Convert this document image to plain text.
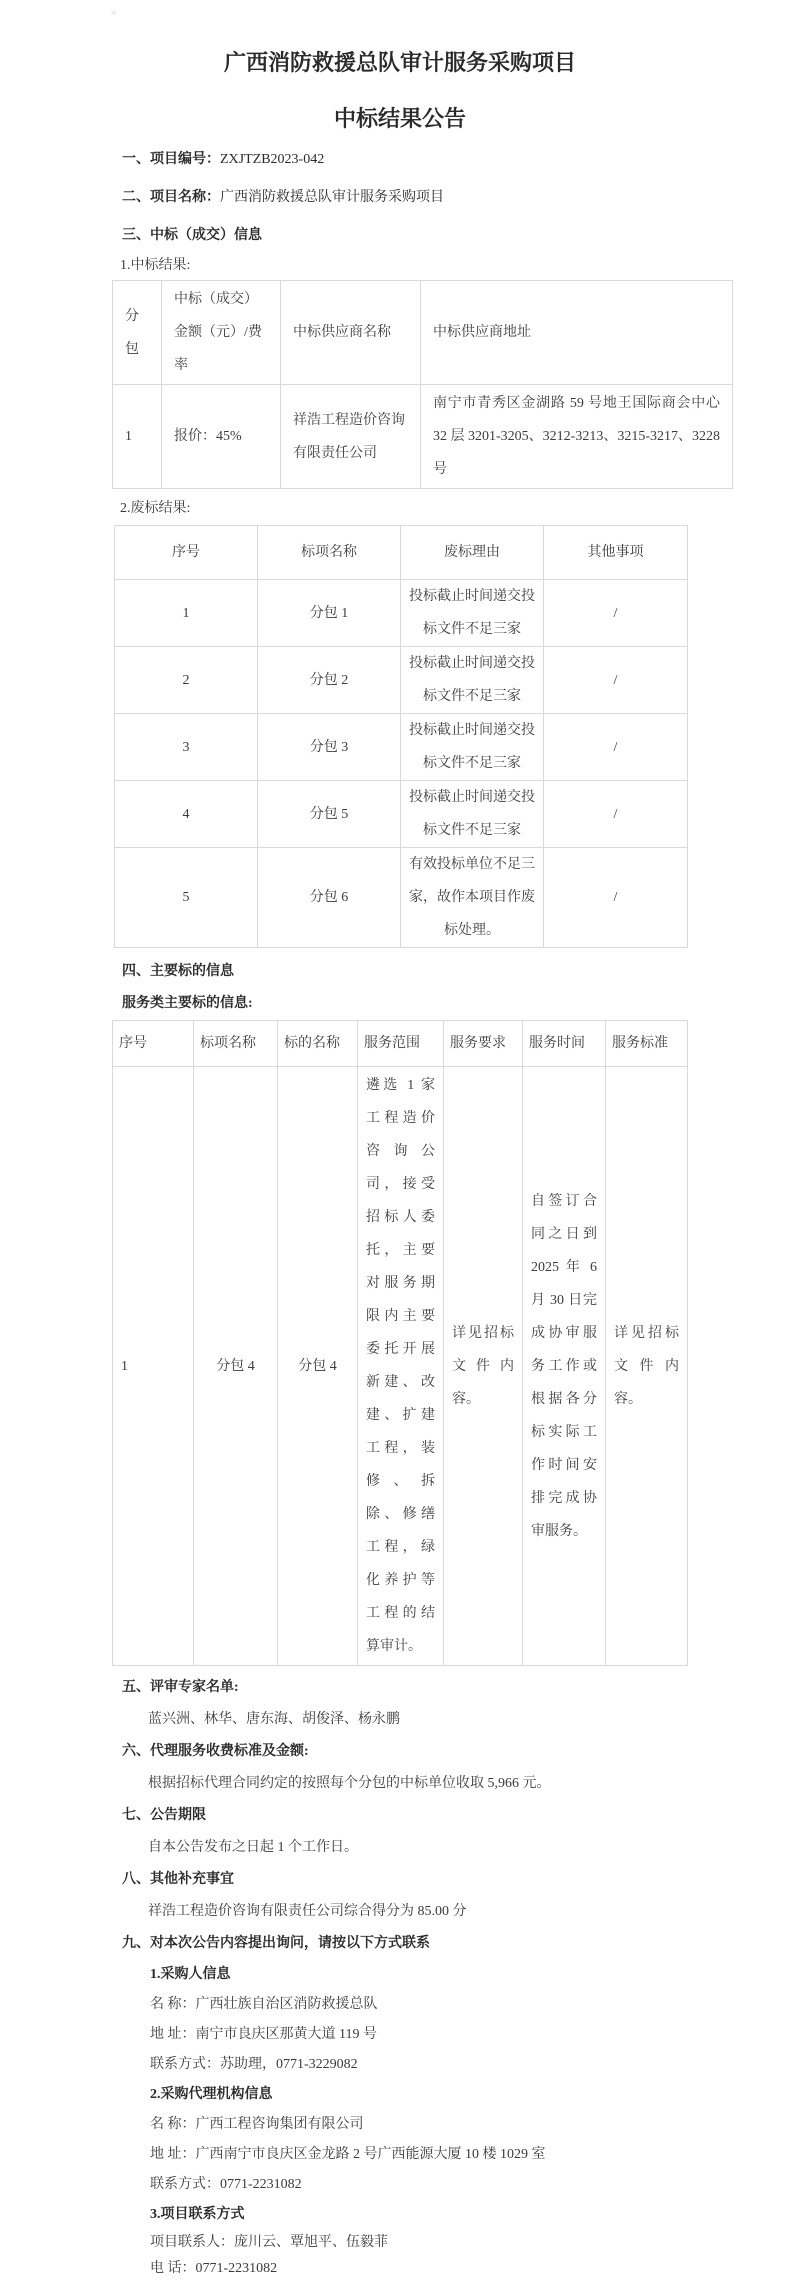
✳
广西消防救援总队审计服务采购项目
中标结果公告
一、项目编号：ZXJTZB2023-042
二、项目名称：广西消防救援总队审计服务采购项目
三、中标（成交）信息
1.中标结果:
分包	中标（成交）金额（元）/费率	中标供应商名称	中标供应商地址
1	报价：45%	祥浩工程造价咨询有限责任公司	南宁市青秀区金湖路 59 号地王国际商会中心 32 层 3201-3205、3212-3213、3215-3217、3228 号
2.废标结果:
序号	标项名称	废标理由	其他事项
1	分包 1	投标截止时间递交投标文件不足三家	/
2	分包 2	投标截止时间递交投标文件不足三家	/
3	分包 3	投标截止时间递交投标文件不足三家	/
4	分包 5	投标截止时间递交投标文件不足三家	/
5	分包 6	有效投标单位不足三家，故作本项目作废标处理。	/
四、主要标的信息
服务类主要标的信息:
序号	标项名称	标的名称	服务范围	服务要求	服务时间	服务标准
1	分包 4	分包 4	遴选 1 家工程造价咨询公司，接受招标人委托，主要对服务期限内主要委托开展新建、改建、扩建工程，装修、拆除、修缮工程，绿化养护等工程的结算审计。	详见招标文件内容。	自签订合同之日到 2025 年 6 月 30 日完成协审服务工作或根据各分标实际工作时间安排完成协审服务。	详见招标文件内容。
五、评审专家名单:
蓝兴洲、林华、唐东海、胡俊泽、杨永鹏
六、代理服务收费标准及金额:
根据招标代理合同约定的按照每个分包的中标单位收取 5,966 元。
七、公告期限
自本公告发布之日起 1 个工作日。
八、其他补充事宜
祥浩工程造价咨询有限责任公司综合得分为 85.00 分
九、对本次公告内容提出询问，请按以下方式联系
1.采购人信息
名 称：广西壮族自治区消防救援总队
地 址：南宁市良庆区那黄大道 119 号
联系方式：苏助理，0771-3229082
2.采购代理机构信息
名 称：广西工程咨询集团有限公司
地 址：广西南宁市良庆区金龙路 2 号广西能源大厦 10 楼 1029 室
联系方式：0771-2231082
3.项目联系方式
项目联系人：庞川云、覃旭平、伍毅菲
电 话：0771-2231082
